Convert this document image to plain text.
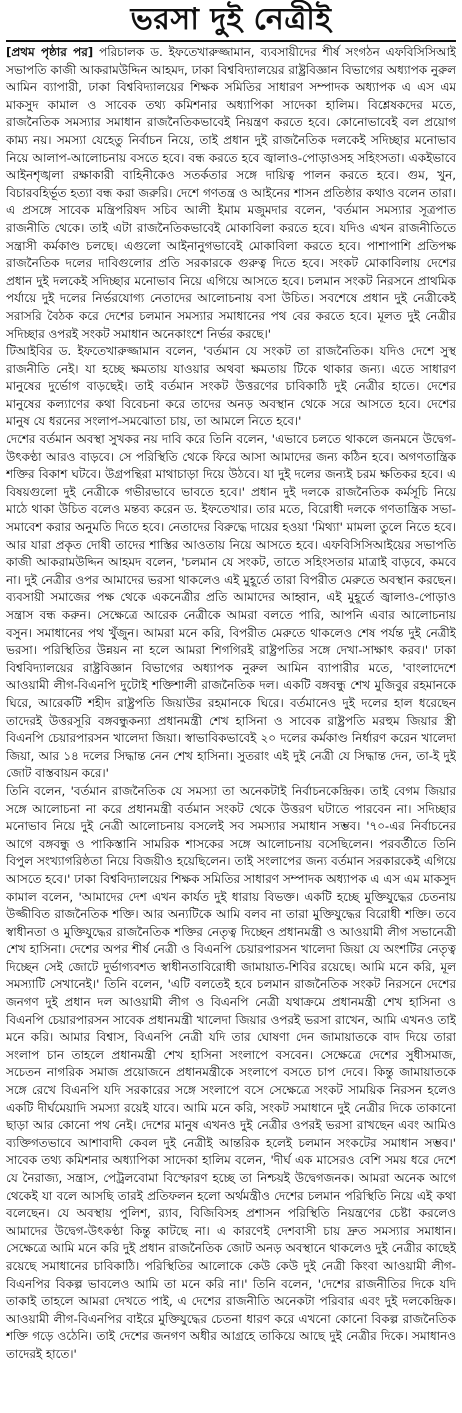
ভরসা দুই নেত্রীই

[প্রথম পৃষ্ঠার পর] পরিচালক ড. ইফতেখারুজ্জামান, ব্যবসায়ীদের শীর্ষ সংগঠন এফবিসিসিআই সভাপতি কাজী আকরামউদ্দিন আহমদ, ঢাকা বিশ্ববিদ্যালয়ের রাষ্ট্রবিজ্ঞান বিভাগের অধ্যাপক নুরুল আমিন ব্যাপারী, ঢাকা বিশ্ববিদ্যালয়ের শিক্ষক সমিতির সাধারণ সম্পাদক অধ্যাপক এ এস এম মাকসুদ কামাল ও সাবেক তথ্য কমিশনার অধ্যাপিকা সাদেকা হালিম। বিশ্লেষকদের মতে, রাজনৈতিক সমস্যার সমাধান রাজনৈতিকভাবেই নিয়ন্ত্রণ করতে হবে। কোনোভাবেই বল প্রয়োগ কাম্য নয়। সমস্যা যেহেতু নির্বাচন নিয়ে, তাই প্রধান দুই রাজনৈতিক দলকেই সদিচ্ছার মনোভাব নিয়ে আলাপ-আলোচনায় বসতে হবে। বন্ধ করতে হবে জ্বালাও-পোড়াওসহ সহিংসতা। একইভাবে আইনশৃঙ্খলা রক্ষাকারী বাহিনীকেও সতর্কতার সঙ্গে দায়িত্ব পালন করতে হবে। গুম, খুন, বিচারবহির্ভূত হত্যা বন্ধ করা জরুরি। দেশে গণতন্ত্র ও আইনের শাসন প্রতিষ্ঠার কথাও বলেন তারা। এ প্রসঙ্গে সাবেক মন্ত্রিপরিষদ সচিব আলী ইমাম মজুমদার বলেন, 'বর্তমান সমস্যার সূত্রপাত রাজনীতি থেকে। তাই এটা রাজনৈতিকভাবেই মোকাবিলা করতে হবে। যদিও এখন রাজনীতিতে সন্ত্রাসী কর্মকাণ্ড চলছে। এগুলো আইনানুগভাবেই মোকাবিলা করতে হবে। পাশাপাশি প্রতিপক্ষ রাজনৈতিক দলের দাবিগুলোর প্রতি সরকারকে গুরুত্ব দিতে হবে। সংকট মোকাবিলায় দেশের প্রধান দুই দলকেই সদিচ্ছার মনোভাব নিয়ে এগিয়ে আসতে হবে। চলমান সংকট নিরসনে প্রাথমিক পর্যায়ে দুই দলের নির্ভরযোগ্য নেতাদের আলোচনায় বসা উচিত। সবশেষে প্রধান দুই নেত্রীকেই সরাসরি বৈঠক করে দেশের চলমান সমস্যার সমাধানের পথ বের করতে হবে। মূলত দুই নেত্রীর সদিচ্ছার ওপরই সংকট সমাধান অনেকাংশে নির্ভর করছে।'

টিআইবির ড. ইফতেখারুজ্জামান বলেন, 'বর্তমান যে সংকট তা রাজনৈতিক। যদিও দেশে সুস্থ রাজনীতি নেই। যা হচ্ছে ক্ষমতায় যাওয়ার অথবা ক্ষমতায় টিকে থাকার জন্য। এতে সাধারণ মানুষের দুর্ভোগ বাড়ছেই। তাই বর্তমান সংকট উত্তরণের চাবিকাঠি দুই নেত্রীর হাতে। দেশের মানুষের কল্যাণের কথা বিবেচনা করে তাদের অনড় অবস্থান থেকে সরে আসতে হবে। দেশের মানুষ যে ধরনের সংলাপ-সমঝোতা চায়, তা আমলে নিতে হবে।'

দেশের বর্তমান অবস্থা সুখকর নয় দাবি করে তিনি বলেন, 'এভাবে চলতে থাকলে জনমনে উদ্বেগ-উৎকণ্ঠা আরও বাড়বে। সে পরিস্থিতি থেকে ফিরে আসা আমাদের জন্য কঠিন হবে। অগণতান্ত্রিক শক্তির বিকাশ ঘটবে। উগ্রপন্থিরা মাথাচাড়া দিয়ে উঠবে। যা দুই দলের জন্যই চরম ক্ষতিকর হবে। এ বিষয়গুলো দুই নেত্রীকে গভীরভাবে ভাবতে হবে।' প্রধান দুই দলকে রাজনৈতিক কর্মসূচি নিয়ে মাঠে থাকা উচিত বলেও মন্তব্য করেন ড. ইফতেখার। তার মতে, বিরোধী দলকে গণতান্ত্রিক সভা-সমাবেশ করার অনুমতি দিতে হবে। নেতাদের বিরুদ্ধে দায়ের হওয়া 'মিথ্যা' মামলা তুলে নিতে হবে। আর যারা প্রকৃত দোষী তাদের শাস্তির আওতায় নিয়ে আসতে হবে। এফবিসিসিআইয়ের সভাপতি কাজী আকরামউদ্দিন আহমদ বলেন, 'চলমান যে সংকট, তাতে সহিংসতার মাত্রাই বাড়বে, কমবে না। দুই নেত্রীর ওপর আমাদের ভরসা থাকলেও এই মুহূর্তে তারা বিপরীত মেরুতে অবস্থান করছেন। ব্যবসায়ী সমাজের পক্ষ থেকে একনেত্রীর প্রতি আমাদের আহ্বান, এই মুহূর্তে জ্বালাও-পোড়াও সন্ত্রাস বন্ধ করুন। সেক্ষেত্রে আরেক নেত্রীকে আমরা বলতে পারি, আপনি এবার আলোচনায় বসুন। সমাধানের পথ খুঁজুন। আমরা মনে করি, বিপরীত মেরুতে থাকলেও শেষ পর্যন্ত দুই নেত্রীই ভরসা। পরিস্থিতির উন্নয়ন না হলে আমরা শিগগিরই রাষ্ট্রপতির সঙ্গে দেখা-সাক্ষাৎ করব।' ঢাকা বিশ্ববিদ্যালয়ের রাষ্ট্রবিজ্ঞান বিভাগের অধ্যাপক নুরুল আমিন ব্যাপারীর মতে, 'বাংলাদেশে আওয়ামী লীগ-বিএনপি দুটোই শক্তিশালী রাজনৈতিক দল। একটি বঙ্গবন্ধু শেখ মুজিবুর রহমানকে ঘিরে, আরেকটি শহীদ রাষ্ট্রপতি জিয়াউর রহমানকে ঘিরে। বর্তমানেও দুই দলের হাল ধরেছেন তাদেরই উত্তরসূরি বঙ্গবন্ধুকন্যা প্রধানমন্ত্রী শেখ হাসিনা ও সাবেক রাষ্ট্রপতি মরহুম জিয়ার স্ত্রী বিএনপি চেয়ারপারসন খালেদা জিয়া। স্বাভাবিকভাবেই ২০ দলের কর্মকাণ্ড নির্ধারণ করেন খালেদা জিয়া, আর ১৪ দলের সিদ্ধান্ত নেন শেখ হাসিনা। সুতরাং এই দুই নেত্রী যে সিদ্ধান্ত দেন, তা-ই দুই জোট বাস্তবায়ন করে।'

তিনি বলেন, 'বর্তমান রাজনৈতিক যে সমস্যা তা অনেকটাই নির্বাচনকেন্দ্রিক। তাই বেগম জিয়ার সঙ্গে আলোচনা না করে প্রধানমন্ত্রী বর্তমান সংকট থেকে উত্তরণ ঘটাতে পারবেন না। সদিচ্ছার মনোভাব নিয়ে দুই নেত্রী আলোচনায় বসলেই সব সমস্যার সমাধান সম্ভব। '৭০-এর নির্বাচনের আগে বঙ্গবন্ধু ও পাকিস্তানি সামরিক শাসকের সঙ্গে আলোচনায় বসেছিলেন। পরবর্তীতে তিনি বিপুল সংখ্যাগরিষ্ঠতা নিয়ে বিজয়ীও হয়েছিলেন। তাই সংলাপের জন্য বর্তমান সরকারকেই এগিয়ে আসতে হবে।' ঢাকা বিশ্ববিদ্যালয়ের শিক্ষক সমিতির সাধারণ সম্পাদক অধ্যাপক এ এস এম মাকসুদ কামাল বলেন, 'আমাদের দেশ এখন কার্যত দুই ধারায় বিভক্ত। একটি হচ্ছে মুক্তিযুদ্ধের চেতনায় উজ্জীবিত রাজনৈতিক শক্তি। আর অন্যটিকে আমি বলব না তারা মুক্তিযুদ্ধের বিরোধী শক্তি। তবে স্বাধীনতা ও মুক্তিযুদ্ধের রাজনৈতিক শক্তির নেতৃত্ব দিচ্ছেন প্রধানমন্ত্রী ও আওয়ামী লীগ সভানেত্রী শেখ হাসিনা। দেশের অপর শীর্ষ নেত্রী ও বিএনপি চেয়ারপারসন খালেদা জিয়া যে অংশটির নেতৃত্ব দিচ্ছেন সেই জোটে দুর্ভাগ্যবশত স্বাধীনতাবিরোধী জামায়াত-শিবির রয়েছে। আমি মনে করি, মূল সমস্যাটি সেখানেই।' তিনি বলেন, 'এটি বলতেই হবে চলমান রাজনৈতিক সংকট নিরসনে দেশের জনগণ দুই প্রধান দল আওয়ামী লীগ ও বিএনপি নেত্রী যথাক্রমে প্রধানমন্ত্রী শেখ হাসিনা ও বিএনপি চেয়ারপারসন সাবেক প্রধানমন্ত্রী খালেদা জিয়ার ওপরই ভরসা রাখেন, আমি এখনও তাই মনে করি। আমার বিশ্বাস, বিএনপি নেত্রী যদি তার ঘোষণা দেন জামায়াতকে বাদ দিয়ে তারা সংলাপ চান তাহলে প্রধানমন্ত্রী শেখ হাসিনা সংলাপে বসবেন। সেক্ষেত্রে দেশের সুধীসমাজ, সচেতন নাগরিক সমাজ প্রয়োজনে প্রধানমন্ত্রীকে সংলাপে বসতে চাপ দেবে। কিন্তু জামায়াতকে সঙ্গে রেখে বিএনপি যদি সরকারের সঙ্গে সংলাপে বসে সেক্ষেত্রে সংকট সাময়িক নিরসন হলেও একটি দীর্ঘমেয়াদি সমস্যা রয়েই যাবে। আমি মনে করি, সংকট সমাধানে দুই নেত্রীর দিকে তাকানো ছাড়া আর কোনো পথ নেই। দেশের মানুষ এখনও দুই নেত্রীর ওপরই ভরসা রাখছেন এবং আমিও ব্যক্তিগতভাবে আশাবাদী কেবল দুই নেত্রীই আন্তরিক হলেই চলমান সংকটের সমাধান সম্ভব।' সাবেক তথ্য কমিশনার অধ্যাপিকা সাদেকা হালিম বলেন, 'দীর্ঘ এক মাসেরও বেশি সময় ধরে দেশে যে নৈরাজ্য, সন্ত্রাস, পেট্রলবোমা বিস্ফোরণ হচ্ছে তা নিশ্চয়ই উদ্বেগজনক। আমরা অনেক আগে থেকেই যা বলে আসছি তারই প্রতিফলন হলো অর্থমন্ত্রীও দেশের চলমান পরিস্থিতি নিয়ে এই কথা বলেছেন। যে অবস্থায় পুলিশ, র‍্যাব, বিজিবিসহ প্রশাসন পরিস্থিতি নিয়ন্ত্রণের চেষ্টা করলেও আমাদের উদ্বেগ-উৎকণ্ঠা কিন্তু কাটছে না। এ কারণেই দেশবাসী চায় দ্রুত সমস্যার সমাধান। সেক্ষেত্রে আমি মনে করি দুই প্রধান রাজনৈতিক জোট অনড় অবস্থানে থাকলেও দুই নেত্রীর কাছেই রয়েছে সমাধানের চাবিকাঠি। পরিস্থিতির আলোকে কেউ কেউ দুই নেত্রী কিংবা আওয়ামী লীগ-বিএনপির বিকল্প ভাবলেও আমি তা মনে করি না।' তিনি বলেন, 'দেশের রাজনীতির দিকে যদি তাকাই তাহলে আমরা দেখতে পাই, এ দেশের রাজনীতি অনেকটা পরিবার এবং দুই দলকেন্দ্রিক। আওয়ামী লীগ-বিএনপির বাইরে মুক্তিযুদ্ধের চেতনা ধারণ করে এখনো কোনো বিকল্প রাজনৈতিক শক্তি গড়ে ওঠেনি। তাই দেশের জনগণ অধীর আগ্রহে তাকিয়ে আছে দুই নেত্রীর দিকে। সমাধানও তাদেরই হাতে।'
